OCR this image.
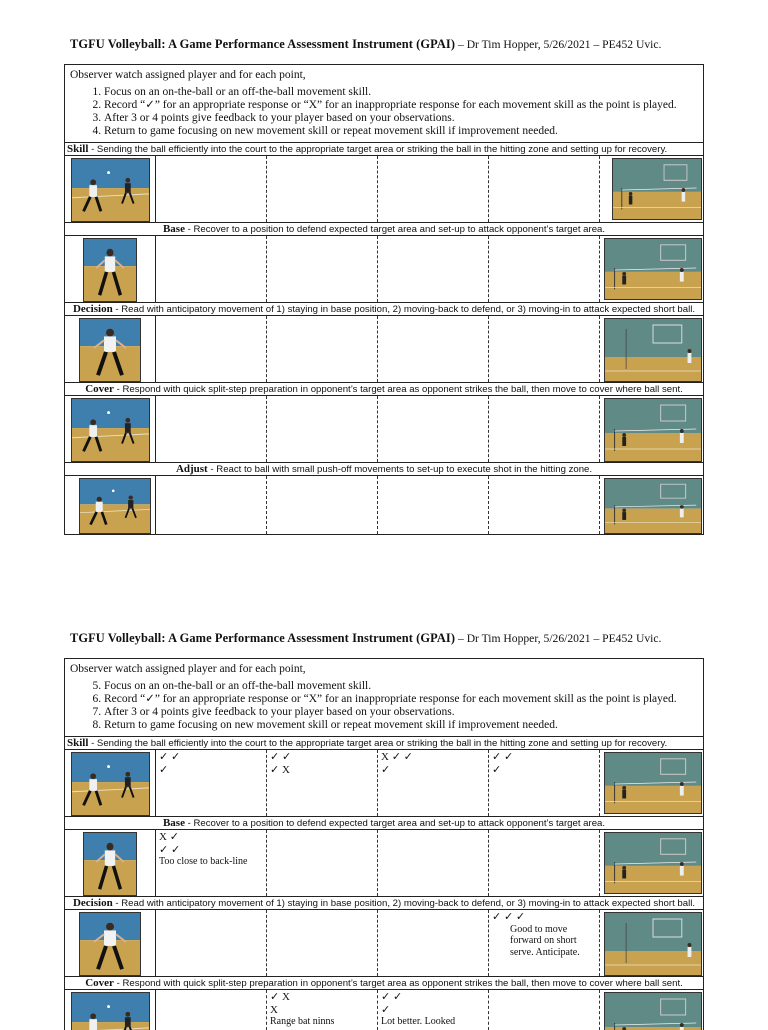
TGFU Volleyball: A Game Performance Assessment Instrument (GPAI) – Dr Tim Hopper, 5/26/2021 – PE452 Uvic.
Observer watch assigned player and for each point,
1. Focus on an on-the-ball or an off-the-ball movement skill.
2. Record “✓” for an appropriate response or “X” for an inappropriate response for each movement skill as the point is played.
3. After 3 or 4 points give feedback to your player based on your observations.
4. Return to game focusing on new movement skill or repeat movement skill if improvement needed.
Skill - Sending the ball efficiently into the court to the appropriate target area or striking the ball in the hitting zone and setting up for recovery.
Base - Recover to a position to defend expected target area and set-up to attack opponent’s target area.
Decision - Read with anticipatory movement of 1) staying in base position, 2) moving-back to defend, or 3) moving-in to attack expected short ball.
Cover - Respond with quick split-step preparation in opponent’s target area as opponent strikes the ball, then move to cover where ball sent.
Adjust - React to ball with small push-off movements to set-up to execute shot in the hitting zone.
TGFU Volleyball: A Game Performance Assessment Instrument (GPAI) – Dr Tim Hopper, 5/26/2021 – PE452 Uvic.
Observer watch assigned player and for each point,
5. Focus on an on-the-ball or an off-the-ball movement skill.
6. Record “✓” for an appropriate response or “X” for an inappropriate response for each movement skill as the point is played.
7. After 3 or 4 points give feedback to your player based on your observations.
8. Return to game focusing on new movement skill or repeat movement skill if improvement needed.
Skill - Sending the ball efficiently into the court to the appropriate target area or striking the ball in the hitting zone and setting up for recovery.
✓ ✓
✓
✓ ✓
✓ X
X ✓ ✓
✓
✓ ✓
✓
Base - Recover to a position to defend expected target area and set-up to attack opponent’s target area.
X ✓
✓ ✓
Too close to back-line
Decision - Read with anticipatory movement of 1) staying in base position, 2) moving-back to defend, or 3) moving-in to attack expected short ball.
✓ ✓ ✓
Good to move forward on short serve. Anticipate.
Cover - Respond with quick split-step preparation in opponent’s target area as opponent strikes the ball, then move to cover where ball sent.
✓ X
X
Range bat ninns
✓ ✓
✓
Lot better. Looked
